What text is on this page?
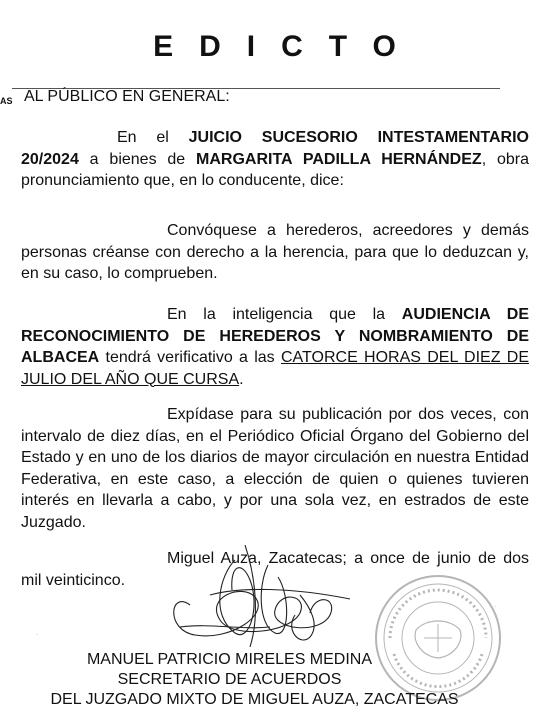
EDICTO
AS AL PÚBLICO EN GENERAL:
En el JUICIO SUCESORIO INTESTAMENTARIO 20/2024 a bienes de MARGARITA PADILLA HERNÁNDEZ, obra pronunciamiento que, en lo conducente, dice:
Convóquese a herederos, acreedores y demás personas créanse con derecho a la herencia, para que lo deduzcan y, en su caso, lo comprueben.
En la inteligencia que la AUDIENCIA DE RECONOCIMIENTO DE HEREDEROS Y NOMBRAMIENTO DE ALBACEA tendrá verificativo a las CATORCE HORAS DEL DIEZ DE JULIO DEL AÑO QUE CURSA.
Expídase para su publicación por dos veces, con intervalo de diez días, en el Periódico Oficial Órgano del Gobierno del Estado y en uno de los diarios de mayor circulación en nuestra Entidad Federativa, en este caso, a elección de quien o quienes tuvieren interés en llevarla a cabo, y por una sola vez, en estrados de este Juzgado.
Miguel Auza, Zacatecas; a once de junio de dos mil veinticinco.
·
·
MANUEL PATRICIO MIRELES MEDINA
SECRETARIO DE ACUERDOS
DEL JUZGADO MIXTO DE MIGUEL AUZA, ZACATECAS
